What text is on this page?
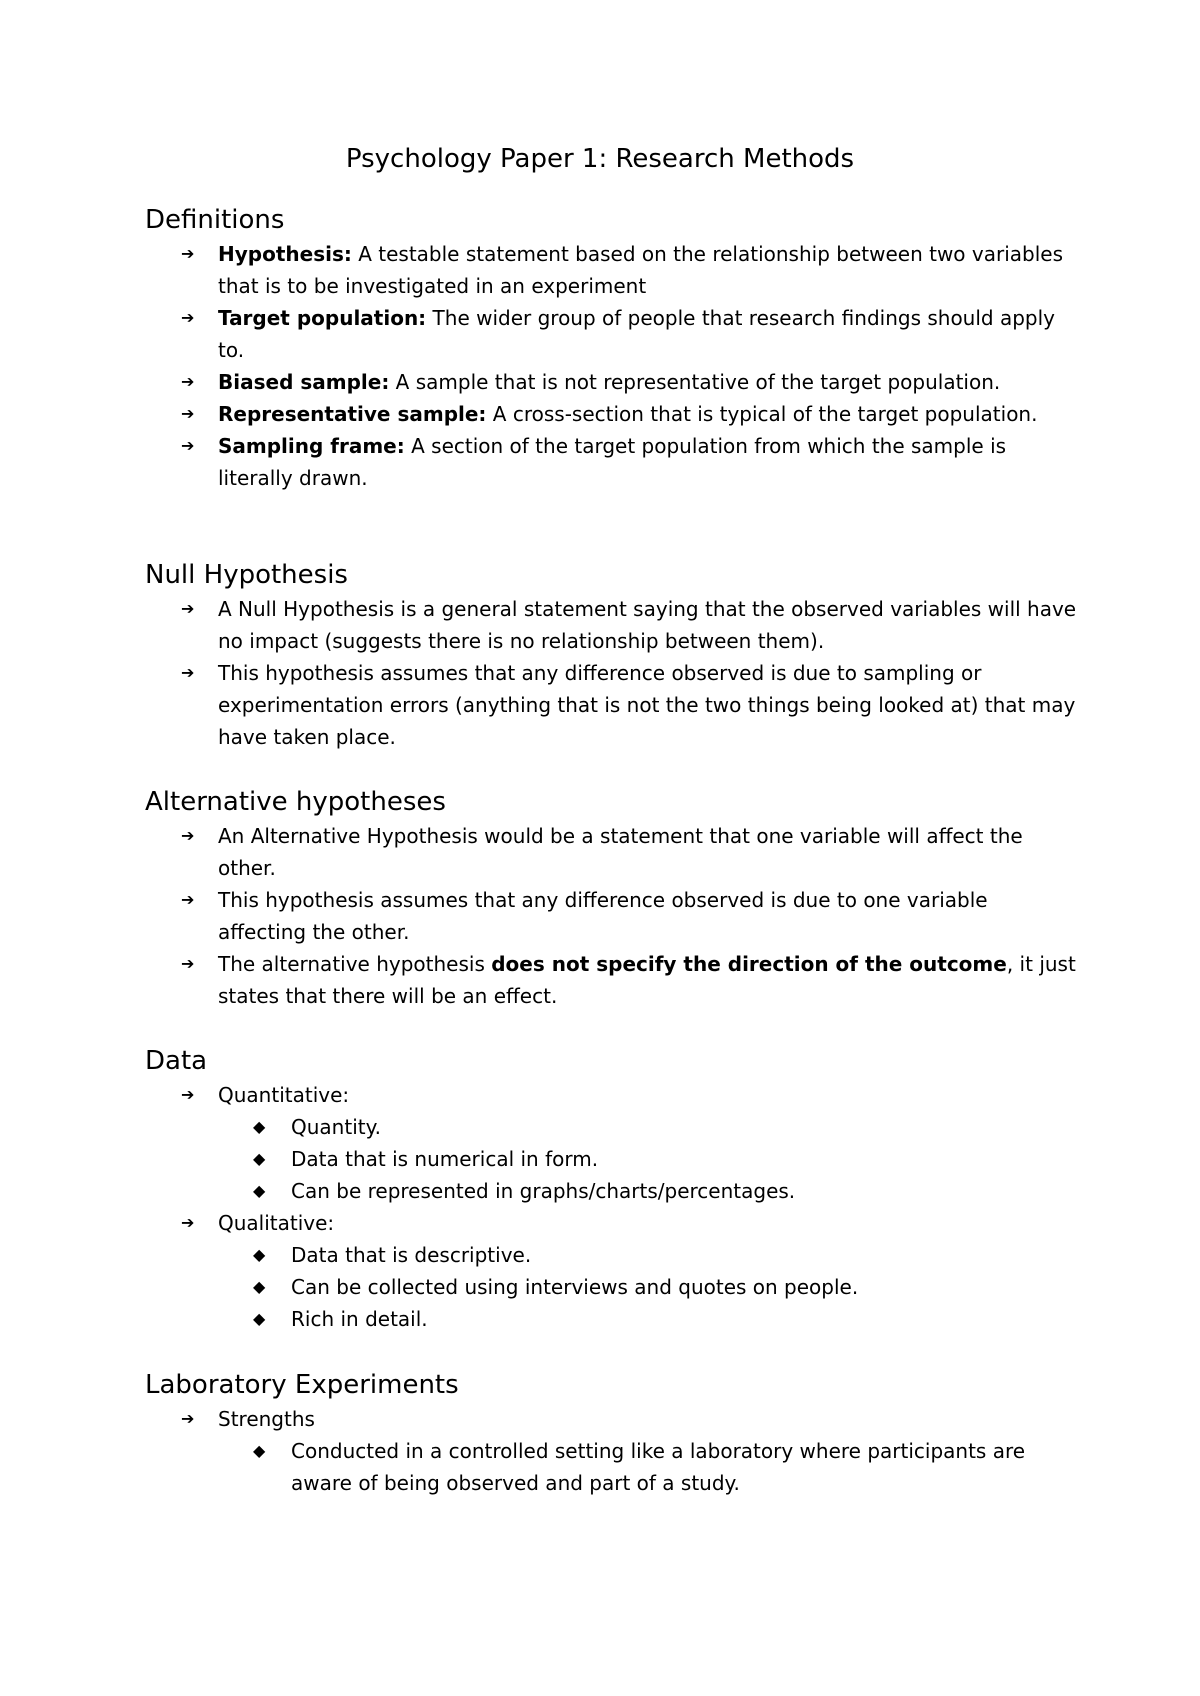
Psychology Paper 1: Research Methods
Definitions
➔ Hypothesis: A testable statement based on the relationship between two variables that is to be investigated in an experiment
➔ Target population: The wider group of people that research findings should apply to.
➔ Biased sample: A sample that is not representative of the target population.
➔ Representative sample: A cross-section that is typical of the target population.
➔ Sampling frame: A section of the target population from which the sample is literally drawn.
Null Hypothesis
➔ A Null Hypothesis is a general statement saying that the observed variables will have no impact (suggests there is no relationship between them).
➔ This hypothesis assumes that any difference observed is due to sampling or experimentation errors (anything that is not the two things being looked at) that may have taken place.
Alternative hypotheses
➔ An Alternative Hypothesis would be a statement that one variable will affect the other.
➔ This hypothesis assumes that any difference observed is due to one variable affecting the other.
➔ The alternative hypothesis does not specify the direction of the outcome, it just states that there will be an effect.
Data
➔ Quantitative:
◆ Quantity.
◆ Data that is numerical in form.
◆ Can be represented in graphs/charts/percentages.
➔ Qualitative:
◆ Data that is descriptive.
◆ Can be collected using interviews and quotes on people.
◆ Rich in detail.
Laboratory Experiments
➔ Strengths
◆ Conducted in a controlled setting like a laboratory where participants are aware of being observed and part of a study.
